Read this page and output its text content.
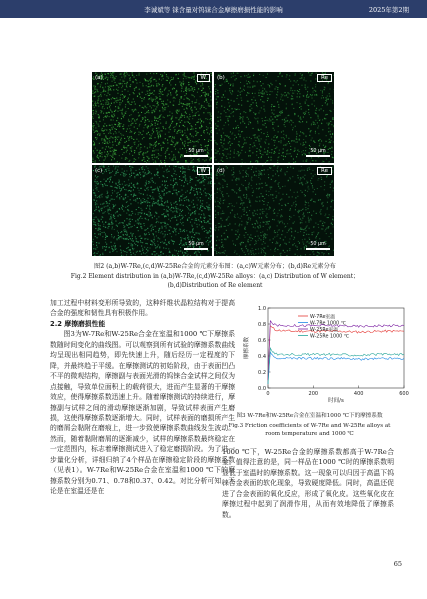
李诚斌等 铼含量对钨铼合金摩擦磨损性能的影响	2025年第2期
(a)	W
50 μm
(b)	Re
50 μm
(c)	W
50 μm
(d)	Re
50 μm
图2 (a,b)W-7Re,(c,d)W-25Re合金的元素分布图：(a,c)W元素分布；(b,d)Re元素分布
Fig.2 Element distribution in (a,b)W-7Re,(c,d)W-25Re alloys：(a,c) Distribution of W element；
(b,d)Distribution of Re element

加工过程中材料变形所导致的，这种纤维状晶粒结构对于提高合金的强度和韧性具有积极作用。

2.2 摩擦磨损性能

图3为W-7Re和W-25Re合金在室温和1000 ℃下摩擦系数随时间变化的曲线图。可以观察到所有试验的摩擦系数曲线均呈现出相同趋势，即先快速上升，随后经历一定程度的下降，并最终趋于平缓。在摩擦测试的初始阶段，由于表面凹凸不平的微观结构，摩擦副与表面光滑的钨铼合金试样之间仅为点接触，导致单位面积上的载荷很大，进而产生显著的干摩擦效应，使得摩擦系数迅速上升。随着摩擦测试的持续进行，摩擦副与试样之间的滑动摩擦逐渐加剧，导致试样表面产生磨损，这使得摩擦系数逐渐增大。同时，试样表面的磨损所产生的磨屑会黏附在磨痕上，进一步致使摩擦系数曲线发生波动。然而，随着黏附磨屑的逐渐减少，试样的摩擦系数最终稳定在一定范围内，标志着摩擦测试进入了稳定磨损阶段。为了进一步量化分析，详细归纳了4个样品在摩擦稳定阶段的摩擦系数（见表1）。W-7Re和W-25Re合金在室温和1000 ℃下的摩擦系数分别为0.71、0.78和0.37、0.42。对比分析可知，无论是在室温还是在

0.0
0.2
0.4
0.6
0.8
1.0
0	200	400	600
时间/s
摩擦系数
W-7Re室温
W-7Re 1000 ℃
W-25Re室温
W-25Re 1000 ℃
图3 W-7Re和W-25Re合金在室温和1000 ℃下的摩擦系数
Fig.3 Friction coefficients of W-7Re and W-25Re alloys at
room temperature and 1000 ℃

1000 ℃下，W-25Re合金的摩擦系数都高于W-7Re合金。值得注意的是，同一样品在1000 ℃时的摩擦系数明显低于室温时的摩擦系数。这一现象可以归因于高温下钨铼合金表面的软化现象，导致硬度降低。同时，高温还促进了合金表面的氧化反应，形成了氧化皮。这些氧化皮在摩擦过程中起到了润滑作用，从而有效地降低了摩擦系数。

65
